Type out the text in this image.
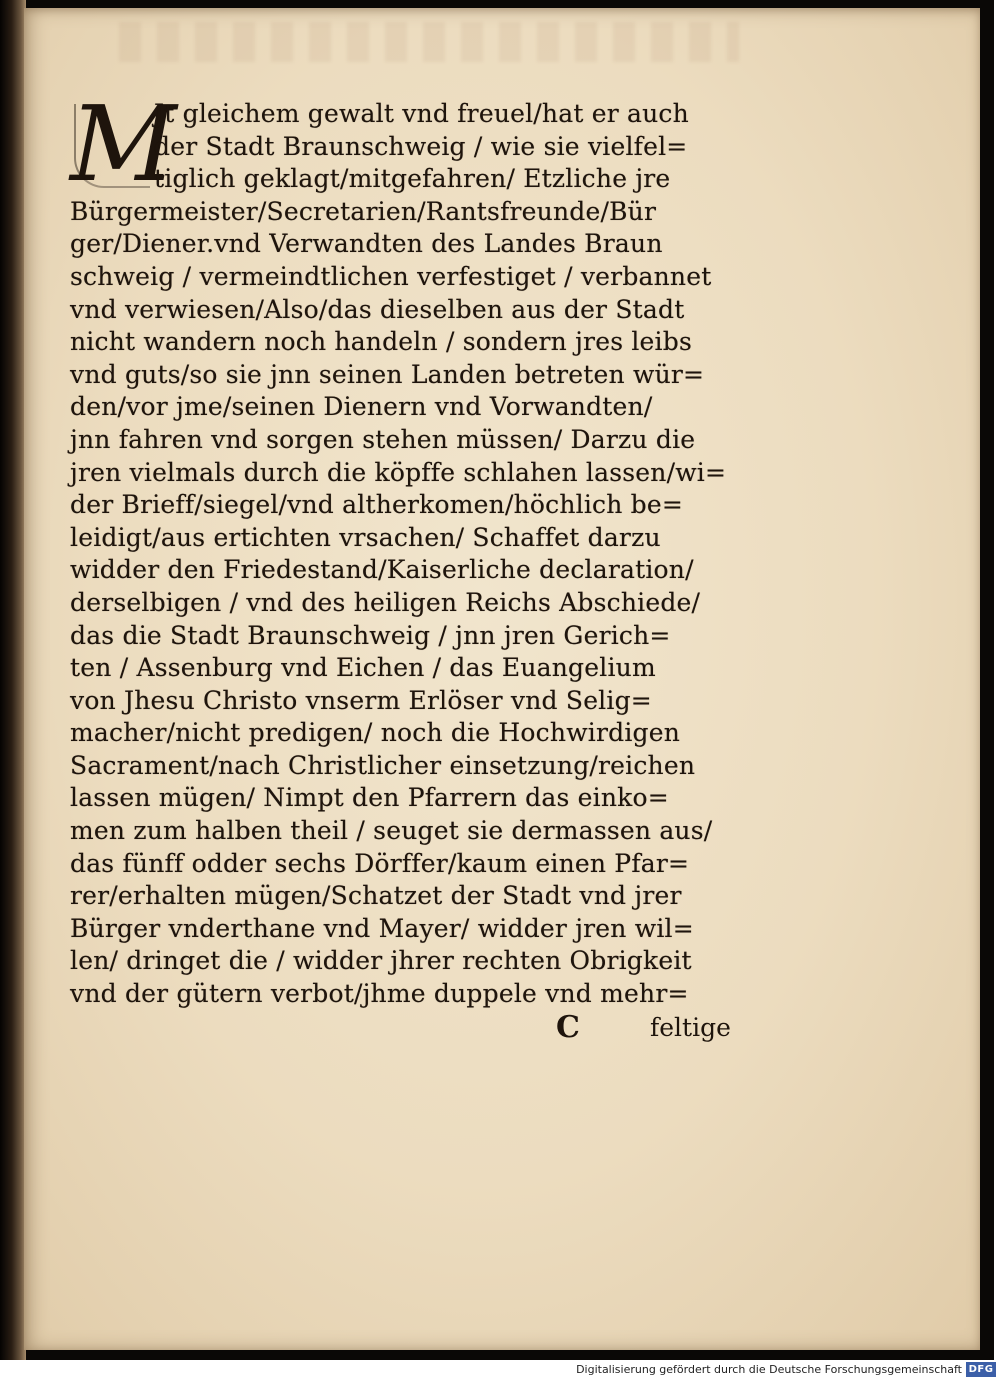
M
Jt gleichem gewalt vnd freuel/hat er auch
der Stadt Braunschweig / wie sie vielfel=
tiglich geklagt/mitgefahren/ Etzliche jre
Bürgermeister/Secretarien/Rantsfreunde/Bür
ger/Diener.vnd Verwandten des Landes Braun
schweig / vermeindtlichen verfestiget / verbannet
vnd verwiesen/Also/das dieselben aus der Stadt
nicht wandern noch handeln / sondern jres leibs
vnd guts/so sie jnn seinen Landen betreten wür=
den/vor jme/seinen Dienern vnd Vorwandten/
jnn fahren vnd sorgen stehen müssen/ Darzu die
jren vielmals durch die köpffe schlahen lassen/wi=
der Brieff/siegel/vnd altherkomen/höchlich be=
leidigt/aus ertichten vrsachen/ Schaffet darzu
widder den Friedestand/Kaiserliche declaration/
derselbigen / vnd des heiligen Reichs Abschiede/
das die Stadt Braunschweig / jnn jren Gerich=
ten / Assenburg vnd Eichen / das Euangelium
von Jhesu Christo vnserm Erlöser vnd Selig=
macher/nicht predigen/ noch die Hochwirdigen
Sacrament/nach Christlicher einsetzung/reichen
lassen mügen/ Nimpt den Pfarrern das einko=
men zum halben theil / seuget sie dermassen aus/
das fünff odder sechs Dörffer/kaum einen Pfar=
rer/erhalten mügen/Schatzet der Stadt vnd jrer
Bürger vnderthane vnd Mayer/ widder jren wil=
len/ dringet die / widder jhrer rechten Obrigkeit
vnd der gütern verbot/jhme duppele vnd mehr=
C	feltige
Digitalisierung gefördert durch die Deutsche Forschungsgemeinschaft DFG
